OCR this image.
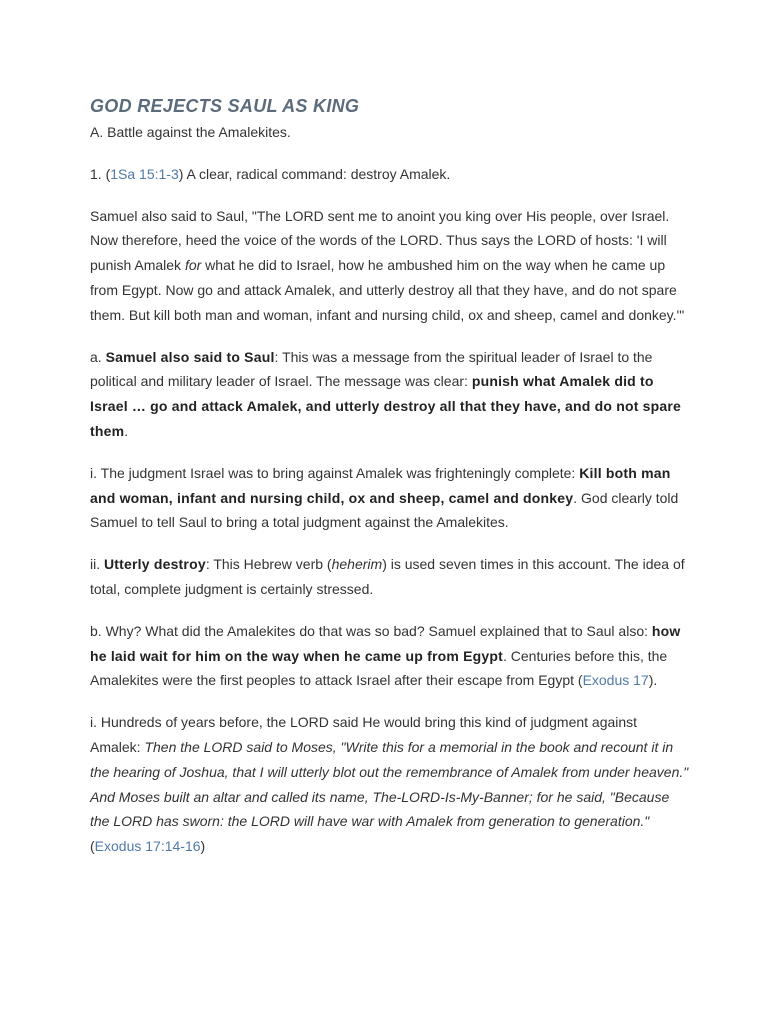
GOD REJECTS SAUL AS KING

A. Battle against the Amalekites.

1. (1Sa 15:1-3) A clear, radical command: destroy Amalek.

Samuel also said to Saul, "The LORD sent me to anoint you king over His people, over Israel. Now therefore, heed the voice of the words of the LORD. Thus says the LORD of hosts: 'I will punish Amalek for what he did to Israel, how he ambushed him on the way when he came up from Egypt. Now go and attack Amalek, and utterly destroy all that they have, and do not spare them. But kill both man and woman, infant and nursing child, ox and sheep, camel and donkey.'"

a. Samuel also said to Saul: This was a message from the spiritual leader of Israel to the political and military leader of Israel. The message was clear: punish what Amalek did to Israel … go and attack Amalek, and utterly destroy all that they have, and do not spare them.

i. The judgment Israel was to bring against Amalek was frighteningly complete: Kill both man and woman, infant and nursing child, ox and sheep, camel and donkey. God clearly told Samuel to tell Saul to bring a total judgment against the Amalekites.

ii. Utterly destroy: This Hebrew verb (heherim) is used seven times in this account. The idea of total, complete judgment is certainly stressed.

b. Why? What did the Amalekites do that was so bad? Samuel explained that to Saul also: how he laid wait for him on the way when he came up from Egypt. Centuries before this, the Amalekites were the first peoples to attack Israel after their escape from Egypt (Exodus 17).

i. Hundreds of years before, the LORD said He would bring this kind of judgment against Amalek: Then the LORD said to Moses, "Write this for a memorial in the book and recount it in the hearing of Joshua, that I will utterly blot out the remembrance of Amalek from under heaven." And Moses built an altar and called its name, The-LORD-Is-My-Banner; for he said, "Because the LORD has sworn: the LORD will have war with Amalek from generation to generation." (Exodus 17:14-16)
